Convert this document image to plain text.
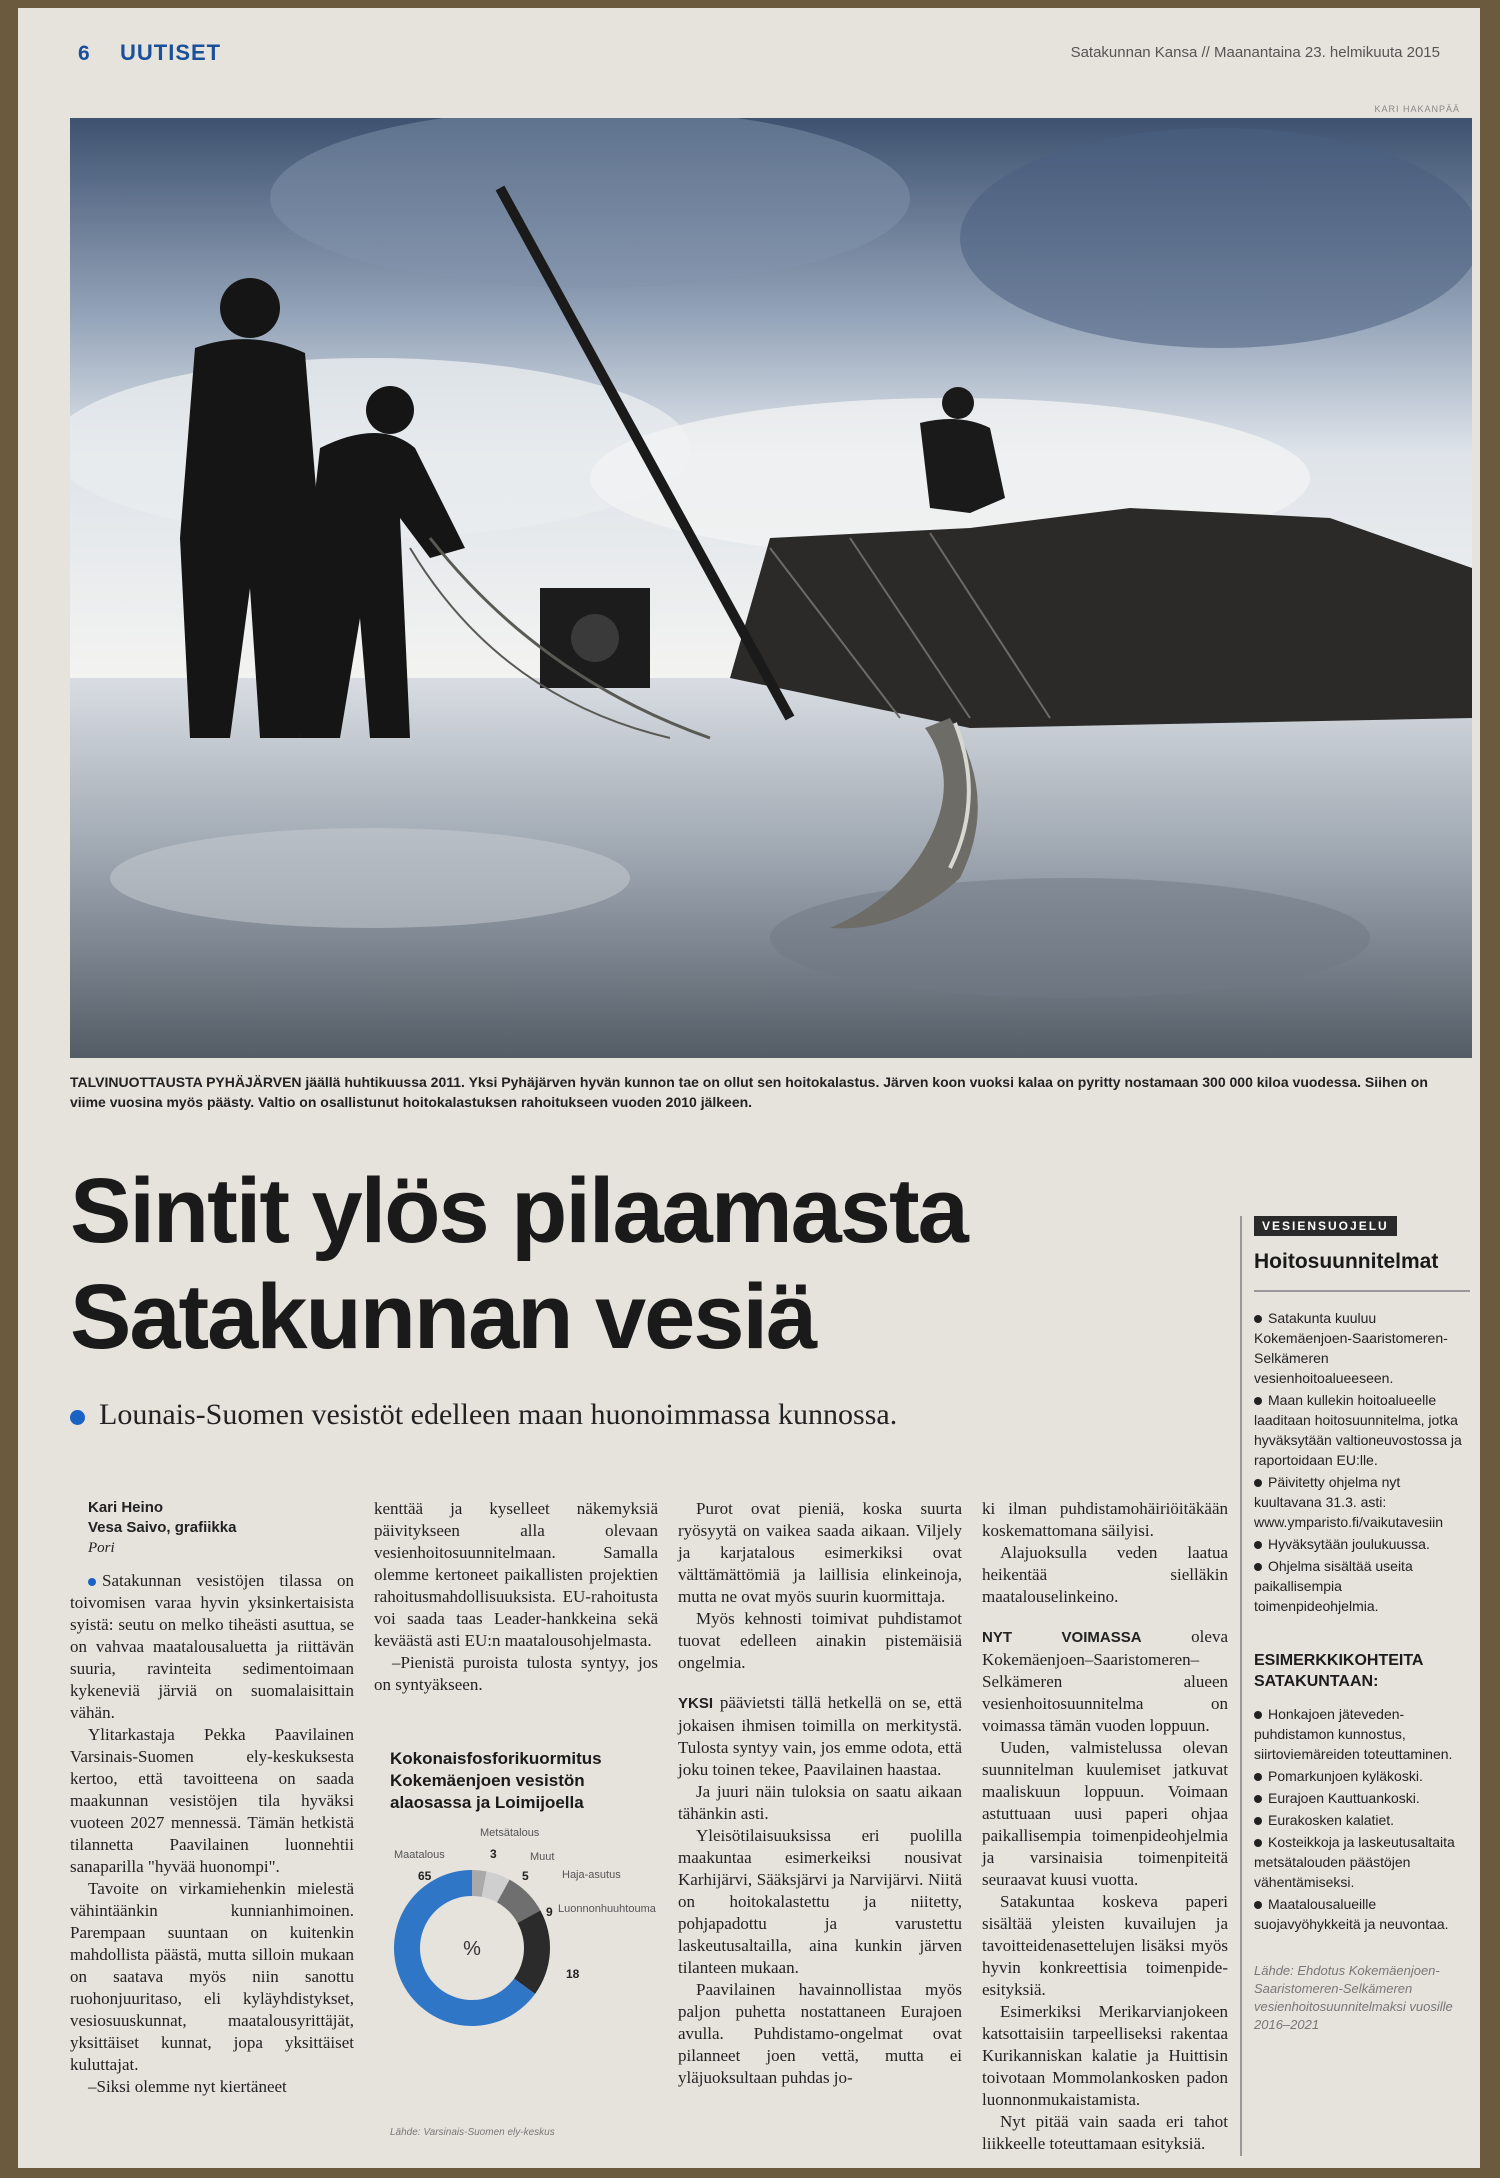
6 UUTISET	Satakunnan Kansa // Maanantaina 23. helmikuuta 2015
KARI HAKANPÄÄ
TALVINUOTTAUSTA PYHÄJÄRVEN jäällä huhtikuussa 2011. Yksi Pyhäjärven hyvän kunnon tae on ollut sen hoitokalastus. Järven koon vuoksi kalaa on pyritty nostamaan 300 000 kiloa vuodessa. Siihen on viime vuosina myös päästy. Valtio on osallistunut hoitokalastuksen rahoitukseen vuoden 2010 jälkeen.
Sintit ylös pilaamasta
Satakunnan vesiä
Lounais-Suomen vesistöt edelleen maan huonoimmassa kunnossa.

Kari Heino

Vesa Saivo, grafiikka

Pori

Satakunnan vesistöjen tilassa on toivomisen varaa hyvin yksinkertaisista syistä: seutu on melko tiheästi asuttua, se on vahvaa maatalousaluetta ja riittävän suuria, ravinteita sedimentoimaan kykeneviä järviä on suomalaisittain vähän.

Ylitarkastaja Pekka Paavilainen Varsinais-Suomen ely-keskuksesta kertoo, että tavoitteena on saada maakunnan vesistöjen tila hyväksi vuoteen 2027 mennessä. Tämän hetkistä tilannetta Paavilainen luonnehtii sanaparilla "hyvää huonompi".

Tavoite on virkamiehenkin mielestä vähintäänkin kunnianhimoinen. Parempaan suuntaan on kuitenkin mahdollista päästä, mutta silloin mukaan on saatava myös niin sanottu ruohonjuuritaso, eli kyläyhdistykset, vesiosuuskunnat, maatalousyrittäjät, yksittäiset kunnat, jopa yksittäiset kuluttajat.

–Siksi olemme nyt kiertäneet

kenttää ja kyselleet näkemyksiä päivitykseen alla olevaan vesienhoitosuunnitelmaan. Samalla olemme kertoneet paikallisten projektien rahoitusmahdollisuuksista. EU-rahoitusta voi saada taas Leader-hankkeina sekä keväästä asti EU:n maatalousohjelmasta.

–Pienistä puroista tulosta syntyy, jos on syntyäkseen.

Kokonaisfosforikuormitus Kokemäenjoen vesistön alaosassa ja Loimijoella
%
Maatalous
65
Metsätalous
3	Muut
5	Haja-asutus
9 Luonnonhuuhtouma
18
Lähde: Varsinais-Suomen ely-keskus

Purot ovat pieniä, koska suurta ryösyytä on vaikea saada aikaan. Viljely ja karjatalous esimerkiksi ovat välttämättömiä ja laillisia elinkeinoja, mutta ne ovat myös suurin kuormittaja.

Myös kehnosti toimivat puhdistamot tuovat edelleen ainakin pistemäisiä ongelmia.

YKSI päävietsti tällä hetkellä on se, että jokaisen ihmisen toimilla on merkitystä. Tulosta syntyy vain, jos emme odota, että joku toinen tekee, Paavilainen haastaa.

Ja juuri näin tuloksia on saatu aikaan tähänkin asti.

Yleisötilaisuuksissa eri puolilla maakuntaa esimerkeiksi nousivat Karhijärvi, Sääksjärvi ja Narvijärvi. Niitä on hoitokalastettu ja niitetty, pohjapadottu ja varustettu laskeutusaltailla, aina kunkin järven tilanteen mukaan.

Paavilainen havainnollistaa myös paljon puhetta nostattaneen Eurajoen avulla. Puhdistamo-ongelmat ovat pilanneet joen vettä, mutta ei yläjuoksultaan puhdas jo-

ki ilman puhdistamohäiriöitäkään koskemattomana säilyisi.

Alajuoksulla veden laatua heikentää sielläkin maatalouselinkeino.

NYT VOIMASSA	oleva Kokemäenjoen–Saaristomeren–Selkämeren alueen vesienhoitosuunnitelma on voimassa tämän vuoden loppuun.

Uuden, valmistelussa olevan suunnitelman kuulemiset jatkuvat maaliskuun loppuun. Voimaan astuttuaan uusi paperi ohjaa paikallisempia toimenpideohjelmia ja varsinaisia toimenpiteitä seuraavat kuusi vuotta.

Satakuntaa koskeva paperi sisältää yleisten kuvailujen ja tavoitteidenasettelujen lisäksi myös hyvin konkreettisia toimenpide-esityksiä.

Esimerkiksi Merikarvianjokeen katsottaisiin tarpeelliseksi rakentaa Kurikanniskan kalatie ja Huittisin toivotaan Mommolankosken padon luonnonmukaistamista.

Nyt pitää vain saada eri tahot liikkeelle toteuttamaan esityksiä.

VESIENSUOJELU
Hoitosuunnitelmat
Satakunta kuuluu Kokemäenjoen-Saaristomeren-Selkämeren vesienhoitoalueeseen.
Maan kullekin hoitoalueelle laaditaan hoitosuunnitelma, jotka hyväksytään valtioneuvostossa ja raportoidaan EU:lle.
Päivitetty ohjelma nyt kuultavana 31.3. asti: www.ymparisto.fi/vaikutavesiin
Hyväksytään joulukuussa.
Ohjelma sisältää useita paikallisempia toimenpideohjelmia.
ESIMERKKIKOHTEITA SATAKUNTAAN:
Honkajoen jäteveden-puhdistamon kunnostus, siirtoviemäreiden toteuttaminen.
Pomarkunjoen kyläkoski.
Eurajoen Kauttuankoski.
Eurakosken kalatiet.
Kosteikkoja ja laskeutusaltaita metsätalouden päästöjen vähentämiseksi.
Maatalousalueille suojavyöhykkeitä ja neuvontaa.
Lähde: Ehdotus Kokemäenjoen-Saaristomeren-Selkämeren vesienhoitosuunnitelmaksi vuosille 2016–2021
